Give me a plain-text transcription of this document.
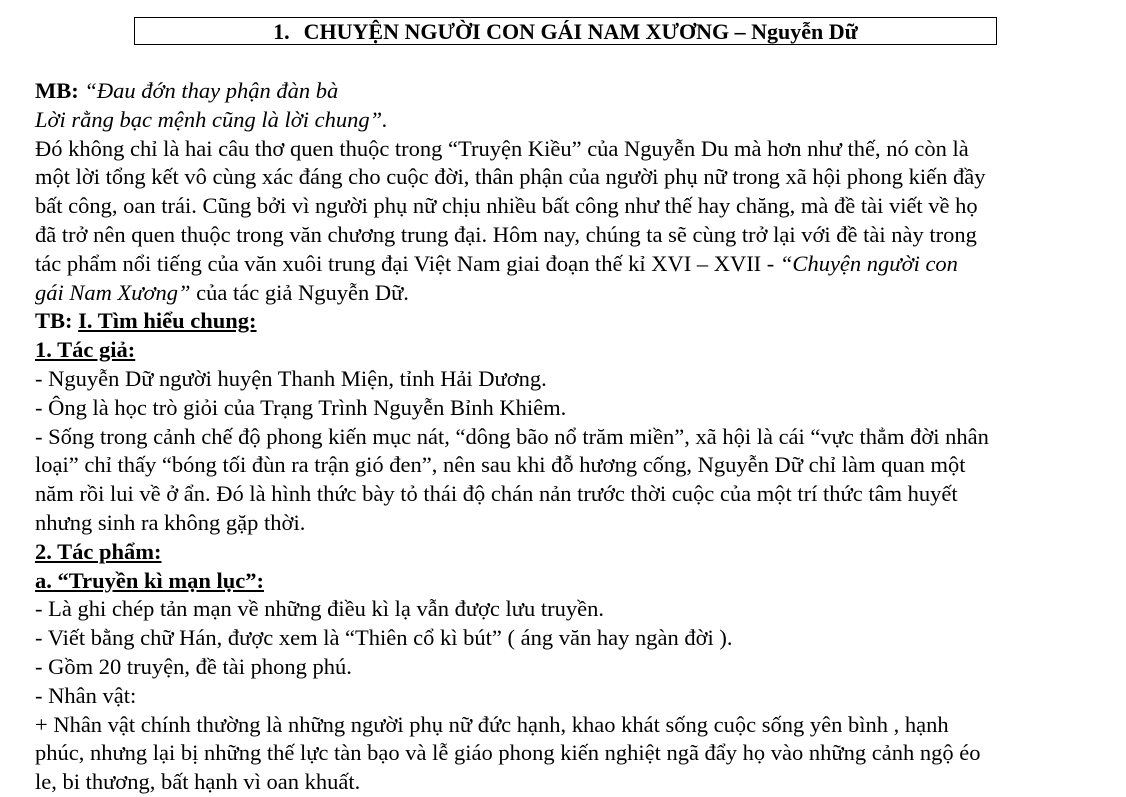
1. CHUYỆN NGƯỜI CON GÁI NAM XƯƠNG – Nguyễn Dữ
MB: “Đau đớn thay phận đàn bà
Lời rằng bạc mệnh cũng là lời chung”.
Đó không chỉ là hai câu thơ quen thuộc trong “Truyện Kiều” của Nguyễn Du mà hơn như thế, nó còn là
một lời tổng kết vô cùng xác đáng cho cuộc đời, thân phận của người phụ nữ trong xã hội phong kiến đầy
bất công, oan trái. Cũng bởi vì người phụ nữ chịu nhiều bất công như thế hay chăng, mà đề tài viết về họ
đã trở nên quen thuộc trong văn chương trung đại. Hôm nay, chúng ta sẽ cùng trở lại với đề tài này trong
tác phẩm nổi tiếng của văn xuôi trung đại Việt Nam giai đoạn thế kỉ XVI – XVII - “Chuyện người con
gái Nam Xương” của tác giả Nguyễn Dữ.
TB: I. Tìm hiểu chung:
1. Tác giả:
- Nguyễn Dữ người huyện Thanh Miện, tỉnh Hải Dương.
- Ông là học trò giỏi của Trạng Trình Nguyễn Bỉnh Khiêm.
- Sống trong cảnh chế độ phong kiến mục nát, “dông bão nổ trăm miền”, xã hội là cái “vực thẳm đời nhân
loại” chỉ thấy “bóng tối đùn ra trận gió đen”, nên sau khi đỗ hương cống, Nguyễn Dữ chỉ làm quan một
năm rồi lui về ở ẩn. Đó là hình thức bày tỏ thái độ chán nản trước thời cuộc của một trí thức tâm huyết
nhưng sinh ra không gặp thời.
2. Tác phẩm:
a. “Truyền kì mạn lục”:
- Là ghi chép tản mạn về những điều kì lạ vẫn được lưu truyền.
- Viết bằng chữ Hán, được xem là “Thiên cổ kì bút” ( áng văn hay ngàn đời ).
- Gồm 20 truyện, đề tài phong phú.
- Nhân vật:
+ Nhân vật chính thường là những người phụ nữ đức hạnh, khao khát sống cuộc sống yên bình , hạnh
phúc, nhưng lại bị những thế lực tàn bạo và lễ giáo phong kiến nghiệt ngã đẩy họ vào những cảnh ngộ éo
le, bi thương, bất hạnh vì oan khuất.
